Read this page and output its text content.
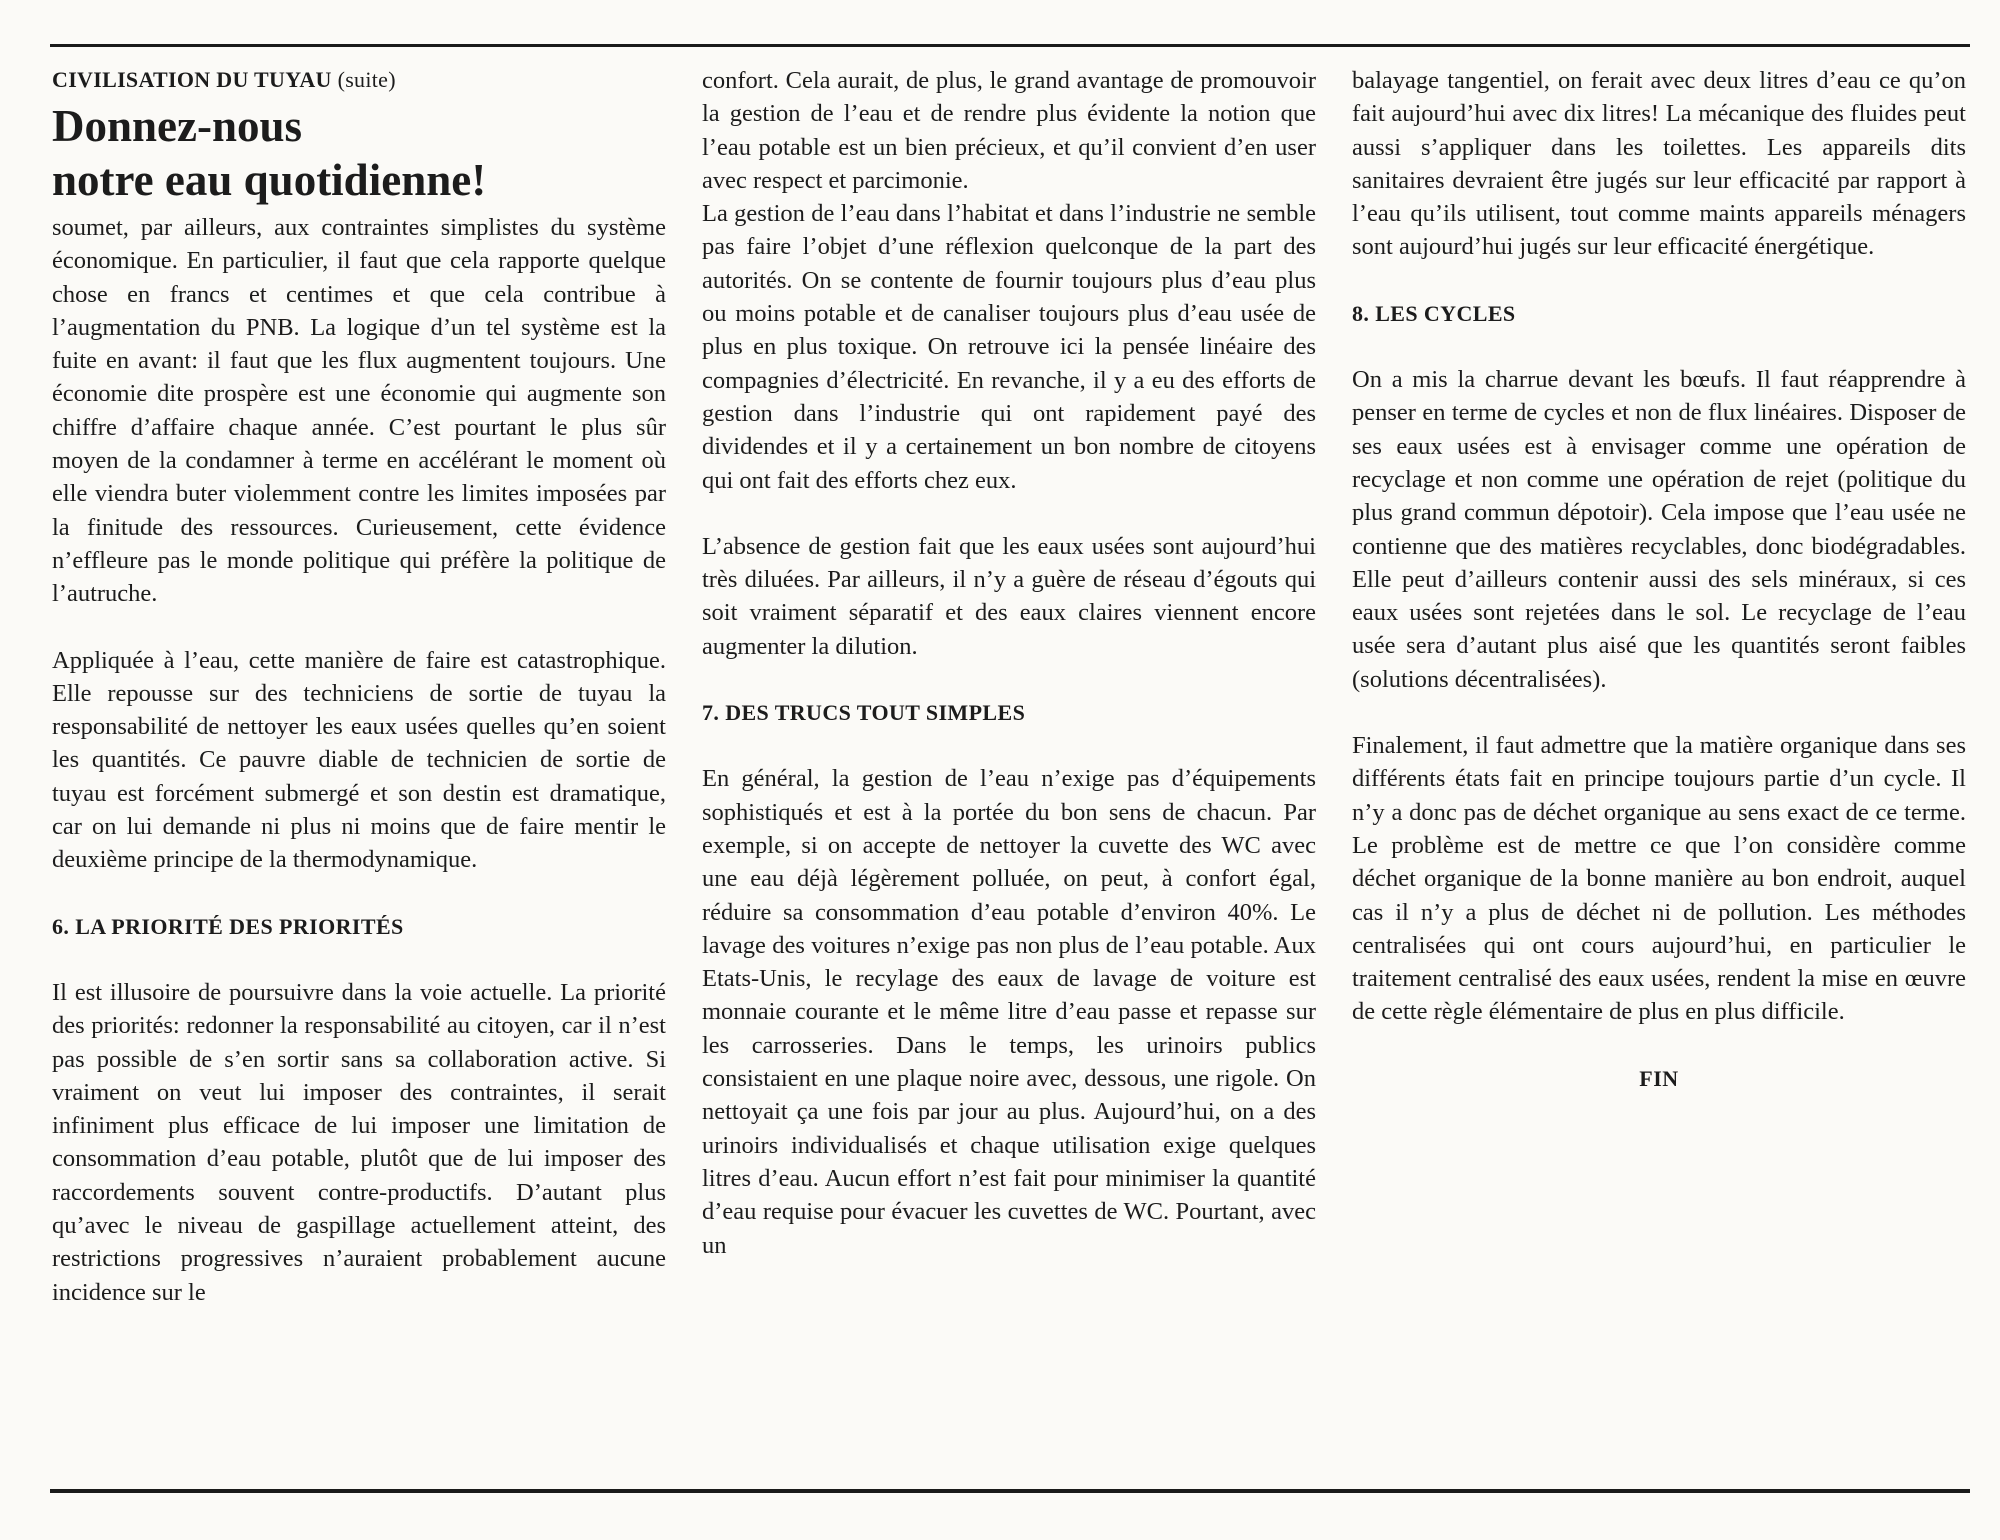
CIVILISATION DU TUYAU (suite)
Donnez-nous
notre eau quotidienne!

soumet, par ailleurs, aux contraintes simplistes du système économique. En particulier, il faut que cela rapporte quelque chose en francs et centimes et que cela contribue à l’augmentation du PNB. La logique d’un tel système est la fuite en avant: il faut que les flux augmentent toujours. Une économie dite prospère est une économie qui augmente son chiffre d’affaire chaque année. C’est pourtant le plus sûr moyen de la condamner à terme en accélérant le moment où elle viendra buter violemment contre les limites imposées par la finitude des ressources. Curieusement, cette évidence n’effleure pas le monde politique qui préfère la politique de l’autruche.

Appliquée à l’eau, cette manière de faire est catastrophique. Elle repousse sur des techniciens de sortie de tuyau la responsabilité de nettoyer les eaux usées quelles qu’en soient les quantités. Ce pauvre diable de technicien de sortie de tuyau est forcément submergé et son destin est dramatique, car on lui demande ni plus ni moins que de faire mentir le deuxième principe de la thermodynamique.

6. LA PRIORITÉ DES PRIORITÉS

Il est illusoire de poursuivre dans la voie actuelle. La priorité des priorités: redonner la responsabilité au citoyen, car il n’est pas possible de s’en sortir sans sa collaboration active. Si vraiment on veut lui imposer des contraintes, il serait infiniment plus efficace de lui imposer une limitation de consommation d’eau potable, plutôt que de lui imposer des raccordements souvent contre-productifs. D’autant plus qu’avec le niveau de gaspillage actuellement atteint, des restrictions progressives n’auraient probablement aucune incidence sur le

confort. Cela aurait, de plus, le grand avantage de promouvoir la gestion de l’eau et de rendre plus évidente la notion que l’eau potable est un bien précieux, et qu’il convient d’en user avec respect et parcimonie.

La gestion de l’eau dans l’habitat et dans l’industrie ne semble pas faire l’objet d’une réflexion quelconque de la part des autorités. On se contente de fournir toujours plus d’eau plus ou moins potable et de canaliser toujours plus d’eau usée de plus en plus toxique. On retrouve ici la pensée linéaire des compagnies d’électricité. En revanche, il y a eu des efforts de gestion dans l’industrie qui ont rapidement payé des dividendes et il y a certainement un bon nombre de citoyens qui ont fait des efforts chez eux.

L’absence de gestion fait que les eaux usées sont aujourd’hui très diluées. Par ailleurs, il n’y a guère de réseau d’égouts qui soit vraiment séparatif et des eaux claires viennent encore augmenter la dilution.

7. DES TRUCS TOUT SIMPLES

En général, la gestion de l’eau n’exige pas d’équipements sophistiqués et est à la portée du bon sens de chacun. Par exemple, si on accepte de nettoyer la cuvette des WC avec une eau déjà légèrement polluée, on peut, à confort égal, réduire sa consommation d’eau potable d’environ 40%. Le lavage des voitures n’exige pas non plus de l’eau potable. Aux Etats-Unis, le recylage des eaux de lavage de voiture est monnaie courante et le même litre d’eau passe et repasse sur les carrosseries. Dans le temps, les urinoirs publics consistaient en une plaque noire avec, dessous, une rigole. On nettoyait ça une fois par jour au plus. Aujourd’hui, on a des urinoirs individualisés et chaque utilisation exige quelques litres d’eau. Aucun effort n’est fait pour minimiser la quantité d’eau requise pour évacuer les cuvettes de WC. Pourtant, avec un

balayage tangentiel, on ferait avec deux litres d’eau ce qu’on fait aujourd’hui avec dix litres! La mécanique des fluides peut aussi s’appliquer dans les toilettes. Les appareils dits sanitaires devraient être jugés sur leur efficacité par rapport à l’eau qu’ils utilisent, tout comme maints appareils ménagers sont aujourd’hui jugés sur leur efficacité énergétique.

8. LES CYCLES

On a mis la charrue devant les bœufs. Il faut réapprendre à penser en terme de cycles et non de flux linéaires. Disposer de ses eaux usées est à envisager comme une opération de recyclage et non comme une opération de rejet (politique du plus grand commun dépotoir). Cela impose que l’eau usée ne contienne que des matières recyclables, donc biodégradables. Elle peut d’ailleurs contenir aussi des sels minéraux, si ces eaux usées sont rejetées dans le sol. Le recyclage de l’eau usée sera d’autant plus aisé que les quantités seront faibles (solutions décentralisées).

Finalement, il faut admettre que la matière organique dans ses différents états fait en principe toujours partie d’un cycle. Il n’y a donc pas de déchet organique au sens exact de ce terme. Le problème est de mettre ce que l’on considère comme déchet organique de la bonne manière au bon endroit, auquel cas il n’y a plus de déchet ni de pollution. Les méthodes centralisées qui ont cours aujourd’hui, en particulier le traitement centralisé des eaux usées, rendent la mise en œuvre de cette règle élémentaire de plus en plus difficile.

FIN
